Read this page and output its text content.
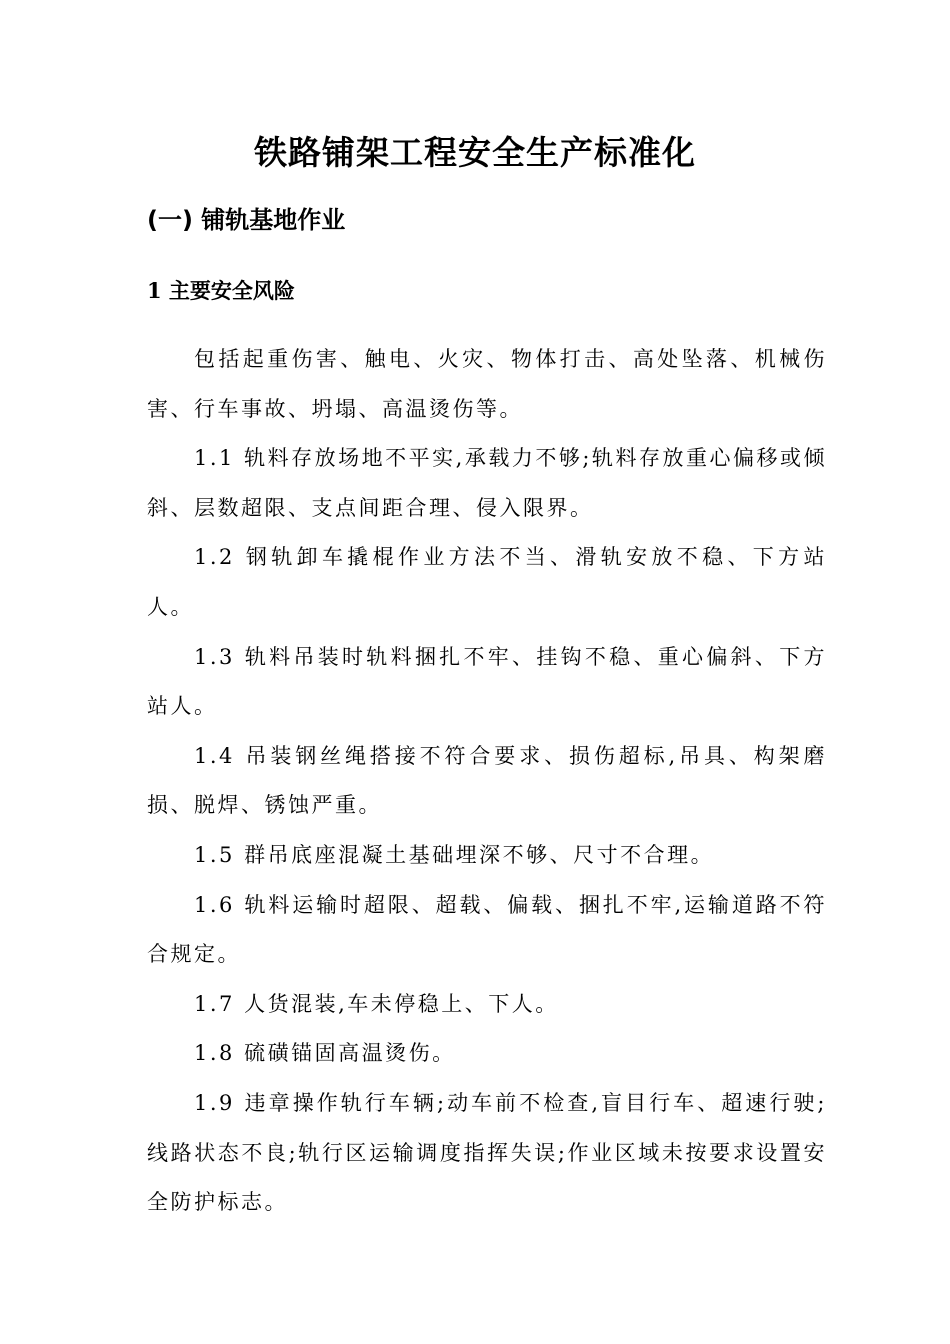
铁路铺架工程安全生产标准化
(一) 铺轨基地作业
1 主要安全风险

包括起重伤害、触电、火灾、物体打击、高处坠落、机械伤害、行车事故、坍塌、高温烫伤等。

1.1 轨料存放场地不平实,承载力不够;轨料存放重心偏移或倾斜、层数超限、支点间距合理、侵入限界。

1.2 钢轨卸车撬棍作业方法不当、滑轨安放不稳、下方站人。

1.3 轨料吊装时轨料捆扎不牢、挂钩不稳、重心偏斜、下方站人。

1.4 吊装钢丝绳搭接不符合要求、损伤超标,吊具、构架磨损、脱焊、锈蚀严重。

1.5 群吊底座混凝土基础埋深不够、尺寸不合理。

1.6 轨料运输时超限、超载、偏载、捆扎不牢,运输道路不符合规定。

1.7 人货混装,车未停稳上、下人。

1.8 硫磺锚固高温烫伤。

1.9 违章操作轨行车辆;动车前不检查,盲目行车、超速行驶;线路状态不良;轨行区运输调度指挥失误;作业区域未按要求设置安全防护标志。
